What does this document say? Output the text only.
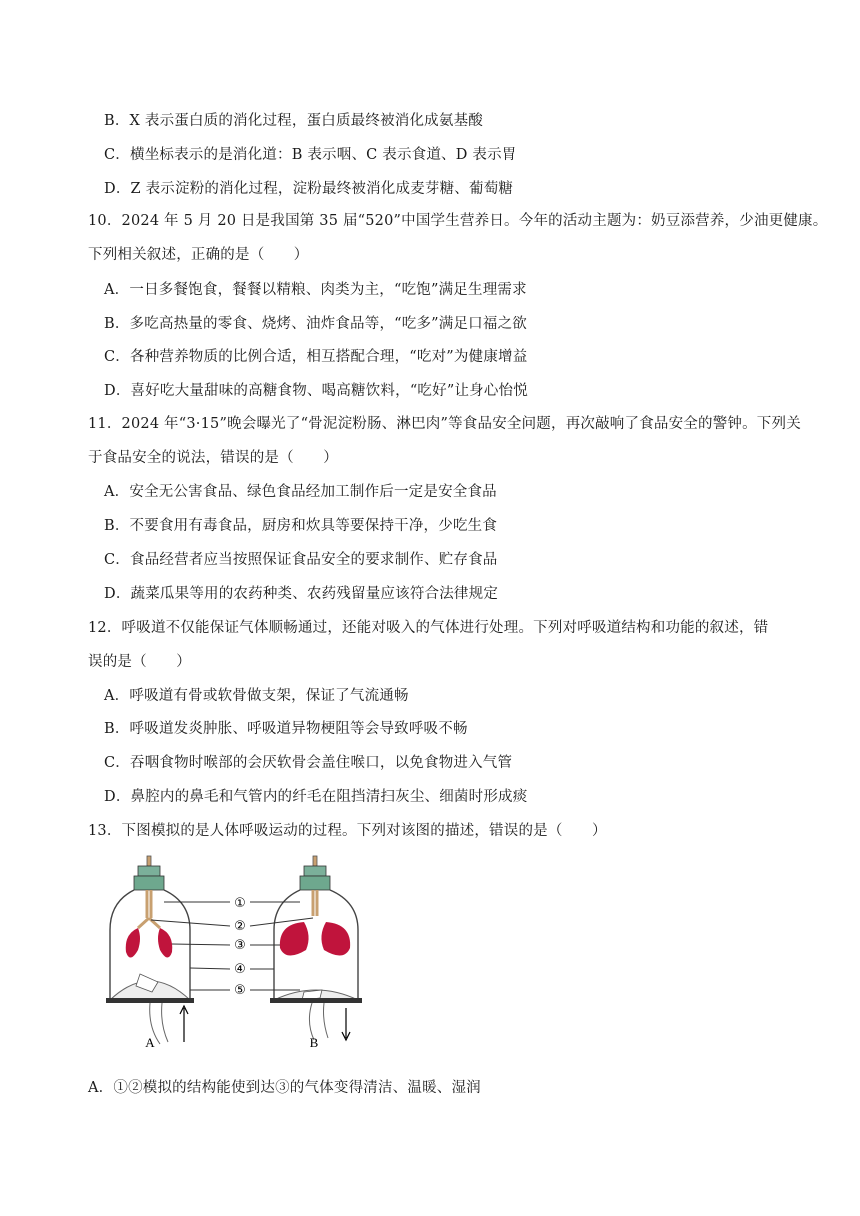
B．X 表示蛋白质的消化过程，蛋白质最终被消化成氨基酸
C．横坐标表示的是消化道：B 表示咽、C 表示食道、D 表示胃
D．Z 表示淀粉的消化过程，淀粉最终被消化成麦芽糖、葡萄糖
10．2024 年 5 月 20 日是我国第 35 届“520”中国学生营养日。今年的活动主题为：奶豆添营养，少油更健康。
下列相关叙述，正确的是（　　）
A．一日多餐饱食，餐餐以精粮、肉类为主，“吃饱”满足生理需求
B．多吃高热量的零食、烧烤、油炸食品等，“吃多”满足口福之欲
C．各种营养物质的比例合适，相互搭配合理，“吃对”为健康增益
D．喜好吃大量甜味的高糖食物、喝高糖饮料，“吃好”让身心怡悦
11．2024 年“3·15”晚会曝光了“骨泥淀粉肠、淋巴肉”等食品安全问题，再次敲响了食品安全的警钟。下列关
于食品安全的说法，错误的是（　　）
A．安全无公害食品、绿色食品经加工制作后一定是安全食品
B．不要食用有毒食品，厨房和炊具等要保持干净，少吃生食
C．食品经营者应当按照保证食品安全的要求制作、贮存食品
D．蔬菜瓜果等用的农药种类、农药残留量应该符合法律规定
12．呼吸道不仅能保证气体顺畅通过，还能对吸入的气体进行处理。下列对呼吸道结构和功能的叙述，错
误的是（　　）
A．呼吸道有骨或软骨做支架，保证了气流通畅
B．呼吸道发炎肿胀、呼吸道异物梗阻等会导致呼吸不畅
C．吞咽食物时喉部的会厌软骨会盖住喉口，以免食物进入气管
D．鼻腔内的鼻毛和气管内的纤毛在阻挡清扫灰尘、细菌时形成痰
13．下图模拟的是人体呼吸运动的过程。下列对该图的描述，错误的是（　　）
①
②
③
④
⑤
A	B
A．①②模拟的结构能使到达③的气体变得清洁、温暖、湿润
